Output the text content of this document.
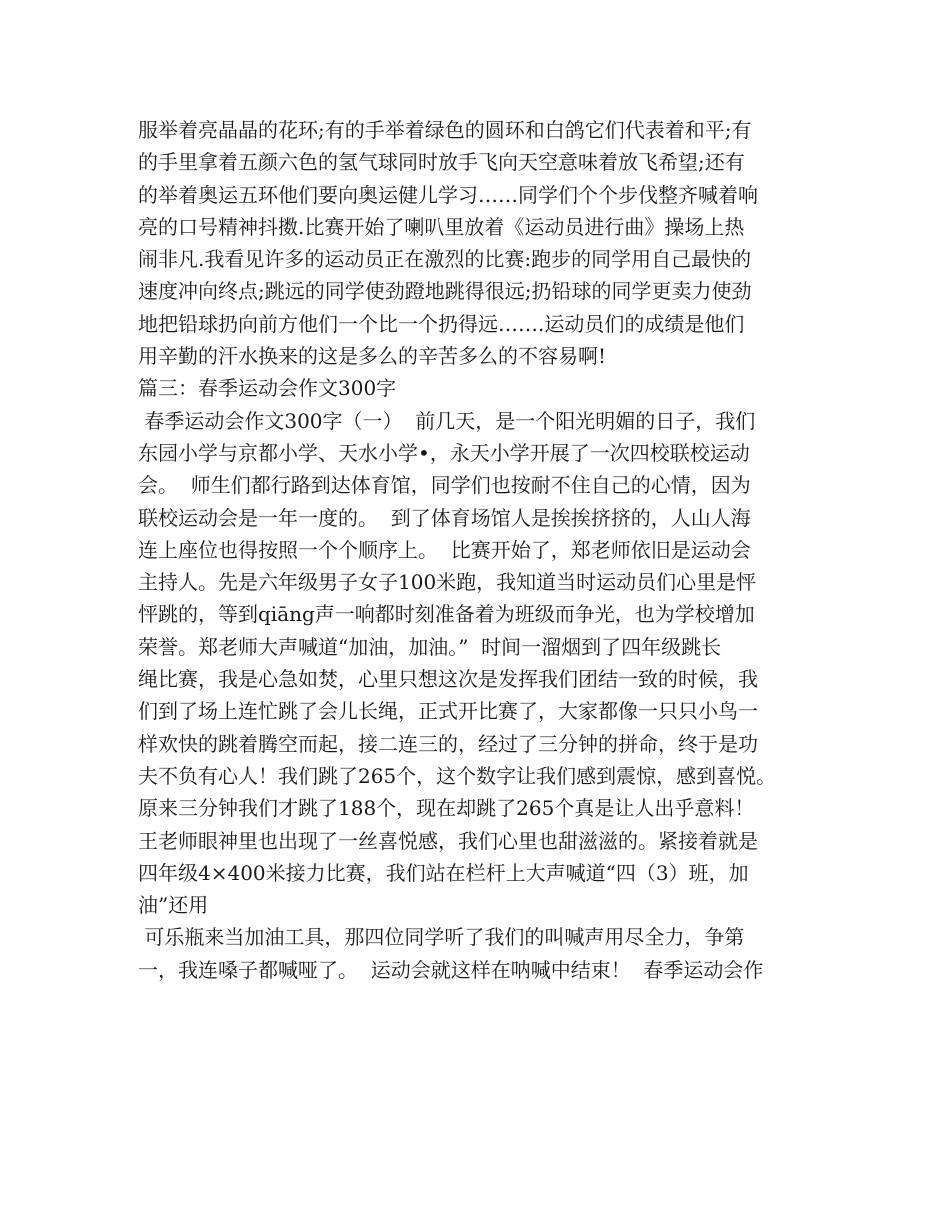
服举着亮晶晶的花环;有的手举着绿色的圆环和白鸽它们代表着和平;有
的手里拿着五颜六色的氢气球同时放手飞向天空意味着放飞希望;还有
的举着奥运五环他们要向奥运健儿学习……同学们个个步伐整齐喊着响
亮的口号精神抖擞.比赛开始了喇叭里放着《运动员进行曲》操场上热
闹非凡.我看见许多的运动员正在激烈的比赛:跑步的同学用自己最快的
速度冲向终点;跳远的同学使劲蹬地跳得很远;扔铅球的同学更卖力使劲
地把铅球扔向前方他们一个比一个扔得远…….运动员们的成绩是他们
用辛勤的汗水换来的这是多么的辛苦多么的不容易啊!
篇三：春季运动会作文300字
春季运动会作文300字（一）  前几天，是一个阳光明媚的日子，我们
东园小学与京都小学、天水小学•，永天小学开展了一次四校联校运动
会。  师生们都行路到达体育馆，同学们也按耐不住自己的心情，因为
联校运动会是一年一度的。  到了体育场馆人是挨挨挤挤的，人山人海
连上座位也得按照一个个顺序上。  比赛开始了，郑老师依旧是运动会
主持人。先是六年级男子女子100米跑，我知道当时运动员们心里是怦
怦跳的，等到qiāng声一响都时刻准备着为班级而争光，也为学校增加
荣誉。郑老师大声喊道“加油，加油。”  时间一溜烟到了四年级跳长
绳比赛，我是心急如焚，心里只想这次是发挥我们团结一致的时候，我
们到了场上连忙跳了会儿长绳，正式开比赛了，大家都像一只只小鸟一
样欢快的跳着腾空而起，接二连三的，经过了三分钟的拼命，终于是功
夫不负有心人！我们跳了265个，这个数字让我们感到震惊，感到喜悦。
原来三分钟我们才跳了188个，现在却跳了265个真是让人出乎意料！
王老师眼神里也出现了一丝喜悦感，我们心里也甜滋滋的。紧接着就是
四年级4×400米接力比赛，我们站在栏杆上大声喊道“四（3）班，加
油”还用
可乐瓶来当加油工具，那四位同学听了我们的叫喊声用尽全力，争第
一，我连嗓子都喊哑了。  运动会就这样在呐喊中结束！  春季运动会作
